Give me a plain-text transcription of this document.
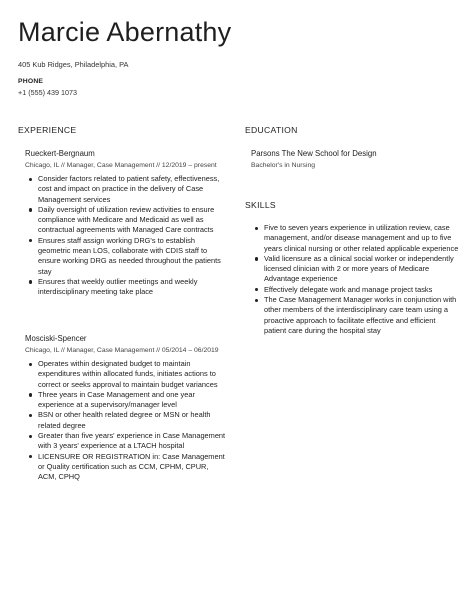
Marcie Abernathy
405 Kub Ridges, Philadelphia, PA
PHONE
+1 (555) 439 1073
EXPERIENCE
Rueckert-Bergnaum
Chicago, IL // Manager, Case Management // 12/2019 – present
Consider factors related to patient safety, effectiveness, cost and impact on practice in the delivery of Case Management services
Daily oversight of utilization review activities to ensure compliance with Medicare and Medicaid as well as contractual agreements with Managed Care contracts
Ensures staff assign working DRG's to establish geometric mean LOS, collaborate with CDIS staff to ensure working DRG as needed throughout the patients stay
Ensures that weekly outlier meetings and weekly interdisciplinary meeting take place
Mosciski-Spencer
Chicago, IL // Manager, Case Management // 05/2014 – 06/2019
Operates within designated budget to maintain expenditures within allocated funds, initiates actions to correct or seeks approval to maintain budget variances
Three years in Case Management and one year experience at a supervisory/manager level
BSN or other health related degree or MSN or health related degree
Greater than five years' experience in Case Management with 3 years' experience at a LTACH hospital
LICENSURE OR REGISTRATION in: Case Management or Quality certification such as CCM, CPHM, CPUR, ACM, CPHQ
EDUCATION
Parsons The New School for Design
Bachelor's in Nursing
SKILLS
Five to seven years experience in utilization review, case management, and/or disease management and up to five years clinical nursing or other related applicable experience
Valid licensure as a clinical social worker or independently licensed clinician with 2 or more years of Medicare Advantage experience
Effectively delegate work and manage project tasks
The Case Management Manager works in conjunction with other members of the interdisciplinary care team using a proactive approach to facilitate effective and efficient patient care during the hospital stay
